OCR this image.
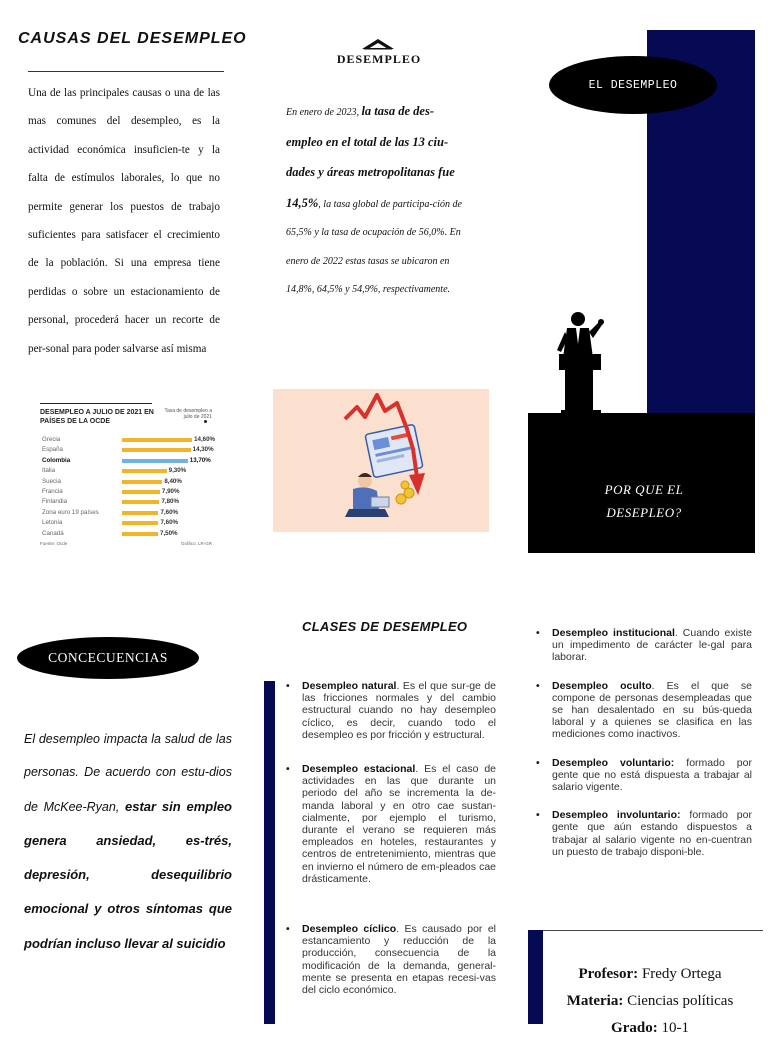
CAUSAS DEL DESEMPLEO

Una de las principales causas o una de las mas comunes del desempleo, es la actividad económica insuficien-te y la falta de estímulos laborales, lo que no permite generar los puestos de trabajo suficientes para satisfacer el crecimiento de la población. Si una empresa tiene perdidas o sobre un estacionamiento de personal, procederá hacer un recorte de per-sonal para poder salvarse así misma

DESEMPLEO A JULIO DE 2021 EN PAÍSES DE LA OCDE
Tasa de desempleo a julio de 2021
Grecia	14,60%
España	14,30%
Colombia	13,70%
Italia	9,30%
Suecia	8,40%
Francia	7,90%
Finlandia	7,80%
Zona euro 19 países	7,60%
Letonia	7,60%
Canadá	7,50%
Fuente: Ocde	Gráfico: LR-GR
DESEMPLEO

En enero de 2023, la tasa de des-empleo en el total de las 13 ciu-dades y áreas metropolitanas fue 14,5%, la tasa global de participa-ción de 65,5% y la tasa de ocupación de 56,0%. En enero de 2022 estas tasas se ubicaron en 14,8%, 64,5% y 54,9%, respectivamente.

EL DESEMPLEO
POR QUE EL DESEPLEO?
CONCECUENCIAS

El desempleo impacta la salud de las personas. De acuerdo con estu-dios de McKee-Ryan, estar sin empleo genera ansiedad, es-trés, depresión, desequilibrio emocional y otros síntomas que podrían incluso llevar al suicidio

CLASES DE DESEMPLEO
• Desempleo natural. Es el que sur-ge de las fricciones normales y del cambio estructural cuando no hay desempleo cíclico, es decir, cuando todo el desempleo es por fricción y estructural.
• Desempleo estacional. Es el caso de actividades en las que durante un periodo del año se incrementa la de-manda laboral y en otro cae sustan-cialmente, por ejemplo el turismo, durante el verano se requieren más empleados en hoteles, restaurantes y centros de entretenimiento, mientras que en invierno el número de em-pleados cae drásticamente.
• Desempleo cíclico. Es causado por el estancamiento y reducción de la producción, consecuencia de la modificación de la demanda, general-mente se presenta en etapas recesi-vas del ciclo económico.
• Desempleo institucional. Cuando existe un impedimento de carácter le-gal para laborar.
• Desempleo oculto. Es el que se compone de personas desempleadas que se han desalentado en su bús-queda laboral y a quienes se clasifica en las mediciones como inactivos.
• Desempleo voluntario: formado por gente que no está dispuesta a trabajar al salario vigente.
• Desempleo involuntario: formado por gente que aún estando dispuestos a trabajar al salario vigente no en-cuentran un puesto de trabajo disponi-ble.
Profesor: Fredy Ortega
Materia: Ciencias políticas
Grado: 10-1
